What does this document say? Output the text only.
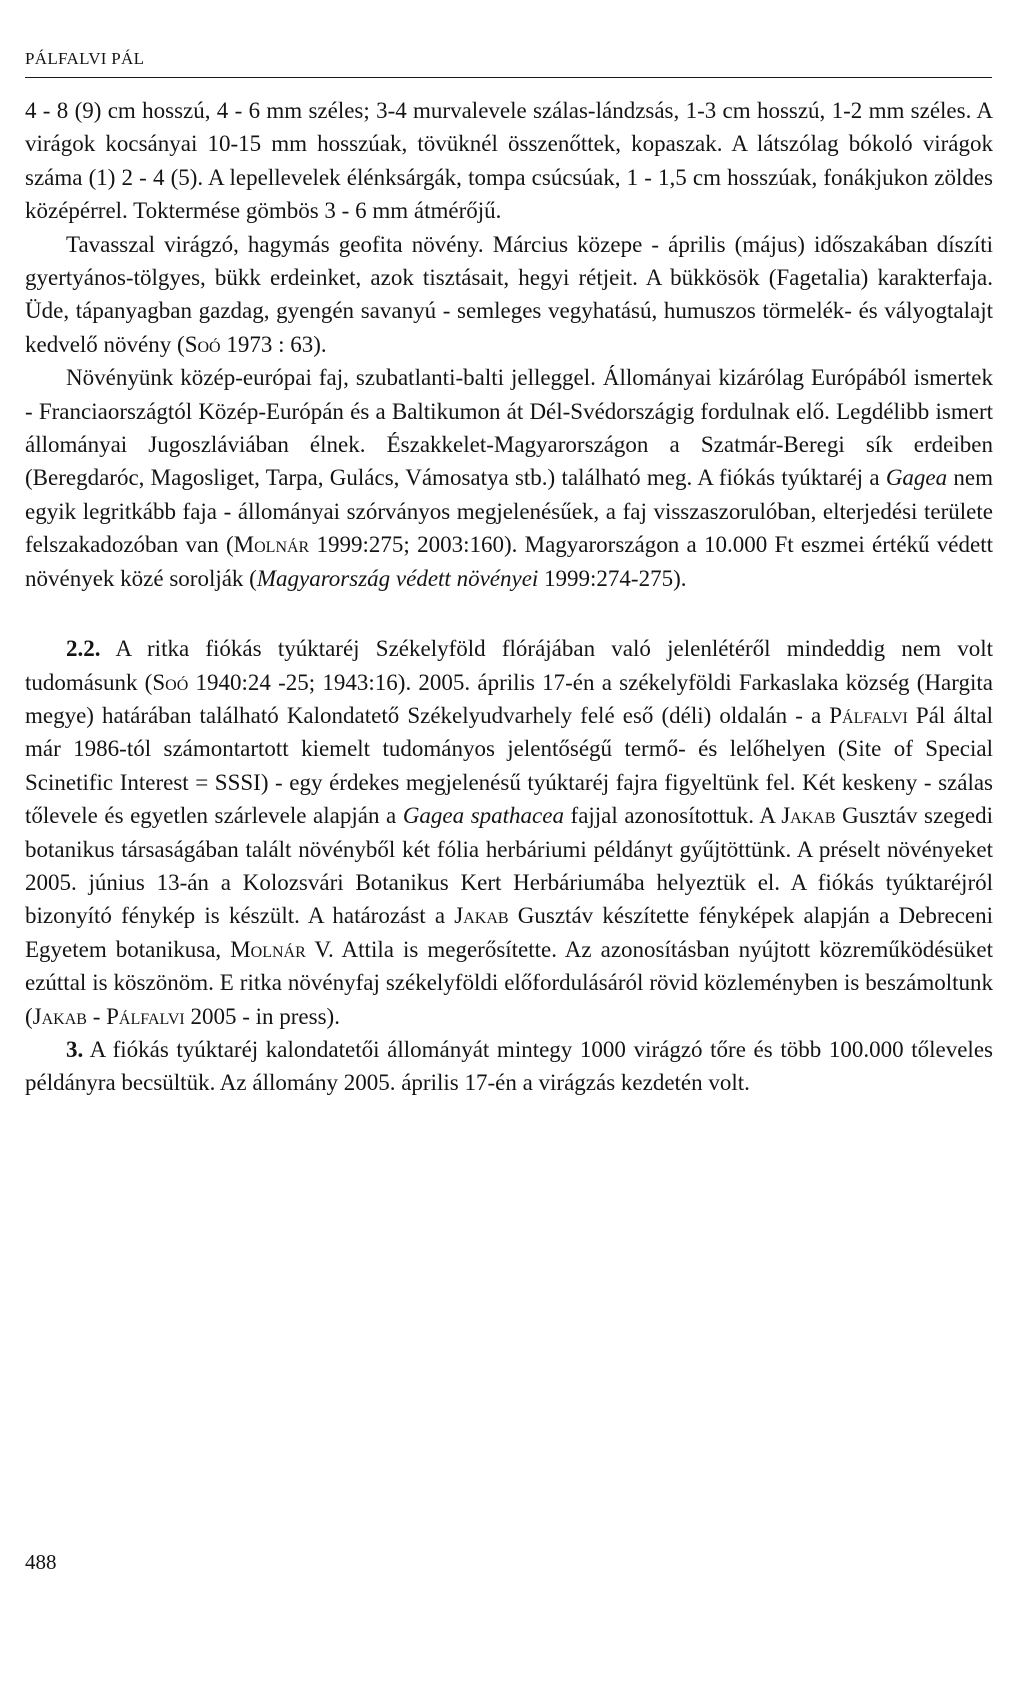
PÁLFALVI PÁL

4 - 8 (9) cm hosszú, 4 - 6 mm széles; 3-4 murvalevele szálas-lándzsás, 1-3 cm hosszú, 1-2 mm széles. A virágok kocsányai 10-15 mm hosszúak, tövüknél összenőttek, kopaszak. A látszólag bókoló virágok száma (1) 2 - 4 (5). A lepellevelek élénksárgák, tompa csúcsúak, 1 - 1,5 cm hosszúak, fonákjukon zöldes középérrel. Toktermése gömbös 3 - 6 mm átmérőjű.

Tavasszal virágzó, hagymás geofita növény. Március közepe - április (május) időszakában díszíti gyertyános-tölgyes, bükk erdeinket, azok tisztásait, hegyi rétjeit. A bükkösök (Fagetalia) karakterfaja. Üde, tápanyagban gazdag, gyengén savanyú - semleges vegyhatású, humuszos törmelék- és vályogtalajt kedvelő növény (Soó 1973 : 63).

Növényünk közép-európai faj, szubatlanti-balti jelleggel. Állományai kizárólag Európából ismertek - Franciaországtól Közép-Európán és a Baltikumon át Dél-Svédországig fordulnak elő. Legdélibb ismert állományai Jugoszláviában élnek. Északkelet-Magyarországon a Szatmár-Beregi sík erdeiben (Beregdaróc, Magosliget, Tarpa, Gulács, Vámosatya stb.) található meg. A fiókás tyúktaréj a Gagea nem egyik legritkább faja - állományai szórványos megjelenésűek, a faj visszaszorulóban, elterjedési területe felszakadozóban van (Molnár 1999:275; 2003:160). Magyarországon a 10.000 Ft eszmei értékű védett növények közé sorolják (Magyarország védett növényei 1999:274-275).

2.2. A ritka fiókás tyúktaréj Székelyföld flórájában való jelenlétéről mindeddig nem volt tudomásunk (Soó 1940:24 -25; 1943:16). 2005. április 17-én a székelyföldi Farkaslaka község (Hargita megye) határában található Kalondatető Székelyudvarhely felé eső (déli) oldalán - a Pálfalvi Pál által már 1986-tól számontartott kiemelt tudományos jelentőségű termő- és lelőhelyen (Site of Special Scinetific Interest = SSSI) - egy érdekes megjelenésű tyúktaréj fajra figyeltünk fel. Két keskeny - szálas tőlevele és egyetlen szárlevele alapján a Gagea spathacea fajjal azonosítottuk. A Jakab Gusztáv szegedi botanikus társaságában talált növényből két fólia herbáriumi példányt gyűjtöttünk. A préselt növényeket 2005. június 13-án a Kolozsvári Botanikus Kert Herbáriumába helyeztük el. A fiókás tyúktaréjról bizonyító fénykép is készült. A határozást a Jakab Gusztáv készítette fényképek alapján a Debreceni Egyetem botanikusa, Molnár V. Attila is megerősítette. Az azonosításban nyújtott közreműködésüket ezúttal is köszönöm. E ritka növényfaj székelyföldi előfordulásáról rövid közleményben is beszámoltunk (Jakab - Pálfalvi 2005 - in press).

3. A fiókás tyúktaréj kalondatetői állományát mintegy 1000 virágzó tőre és több 100.000 tőleveles példányra becsültük. Az állomány 2005. április 17-én a virágzás kezdetén volt.

488
